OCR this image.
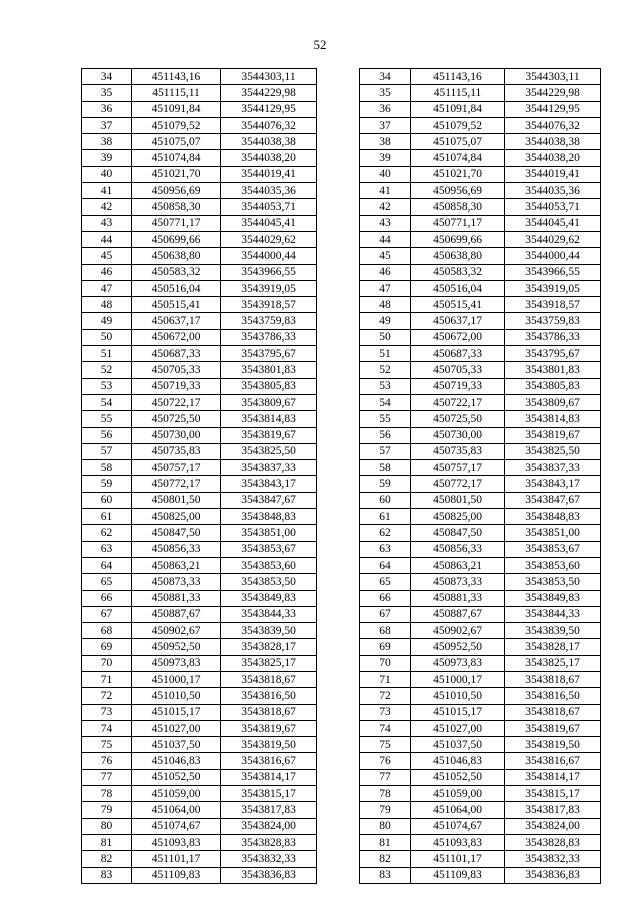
52
34	451143,16	3544303,11		34	451143,16	3544303,11
35	451115,11	3544229,98		35	451115,11	3544229,98
36	451091,84	3544129,95		36	451091,84	3544129,95
37	451079,52	3544076,32		37	451079,52	3544076,32
38	451075,07	3544038,38		38	451075,07	3544038,38
39	451074,84	3544038,20		39	451074,84	3544038,20
40	451021,70	3544019,41		40	451021,70	3544019,41
41	450956,69	3544035,36		41	450956,69	3544035,36
42	450858,30	3544053,71		42	450858,30	3544053,71
43	450771,17	3544045,41		43	450771,17	3544045,41
44	450699,66	3544029,62		44	450699,66	3544029,62
45	450638,80	3544000,44		45	450638,80	3544000,44
46	450583,32	3543966,55		46	450583,32	3543966,55
47	450516,04	3543919,05		47	450516,04	3543919,05
48	450515,41	3543918,57		48	450515,41	3543918,57
49	450637,17	3543759,83		49	450637,17	3543759,83
50	450672,00	3543786,33		50	450672,00	3543786,33
51	450687,33	3543795,67		51	450687,33	3543795,67
52	450705,33	3543801,83		52	450705,33	3543801,83
53	450719,33	3543805,83		53	450719,33	3543805,83
54	450722,17	3543809,67		54	450722,17	3543809,67
55	450725,50	3543814,83		55	450725,50	3543814,83
56	450730,00	3543819,67		56	450730,00	3543819,67
57	450735,83	3543825,50		57	450735,83	3543825,50
58	450757,17	3543837,33		58	450757,17	3543837,33
59	450772,17	3543843,17		59	450772,17	3543843,17
60	450801,50	3543847,67		60	450801,50	3543847,67
61	450825,00	3543848,83		61	450825,00	3543848,83
62	450847,50	3543851,00		62	450847,50	3543851,00
63	450856,33	3543853,67		63	450856,33	3543853,67
64	450863,21	3543853,60		64	450863,21	3543853,60
65	450873,33	3543853,50		65	450873,33	3543853,50
66	450881,33	3543849,83		66	450881,33	3543849,83
67	450887,67	3543844,33		67	450887,67	3543844,33
68	450902,67	3543839,50		68	450902,67	3543839,50
69	450952,50	3543828,17		69	450952,50	3543828,17
70	450973,83	3543825,17		70	450973,83	3543825,17
71	451000,17	3543818,67		71	451000,17	3543818,67
72	451010,50	3543816,50		72	451010,50	3543816,50
73	451015,17	3543818,67		73	451015,17	3543818,67
74	451027,00	3543819,67		74	451027,00	3543819,67
75	451037,50	3543819,50		75	451037,50	3543819,50
76	451046,83	3543816,67		76	451046,83	3543816,67
77	451052,50	3543814,17		77	451052,50	3543814,17
78	451059,00	3543815,17		78	451059,00	3543815,17
79	451064,00	3543817,83		79	451064,00	3543817,83
80	451074,67	3543824,00		80	451074,67	3543824,00
81	451093,83	3543828,83		81	451093,83	3543828,83
82	451101,17	3543832,33		82	451101,17	3543832,33
83	451109,83	3543836,83		83	451109,83	3543836,83
